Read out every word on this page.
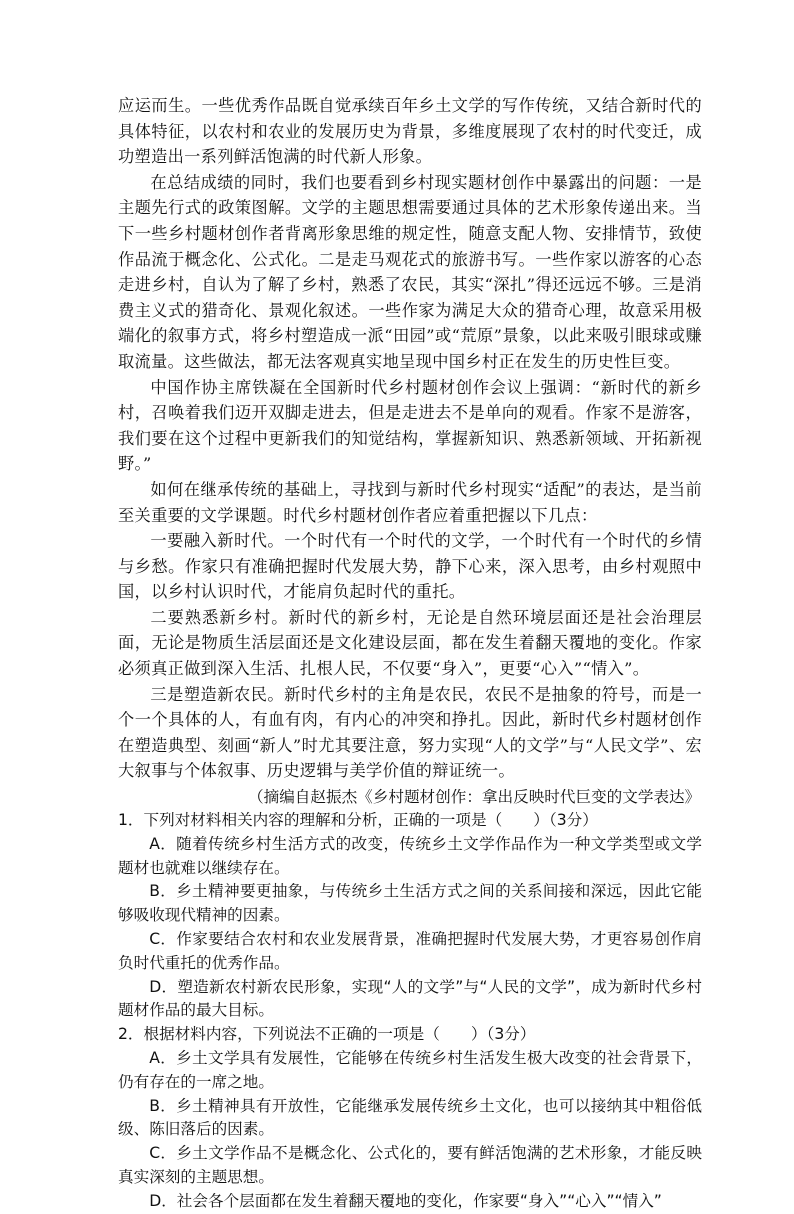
应运而生。一些优秀作品既自觉承续百年乡土文学的写作传统，又结合新时代的具体特征，以农村和农业的发展历史为背景，多维度展现了农村的时代变迁，成功塑造出一系列鲜活饱满的时代新人形象。

在总结成绩的同时，我们也要看到乡村现实题材创作中暴露出的问题：一是主题先行式的政策图解。文学的主题思想需要通过具体的艺术形象传递出来。当下一些乡村题材创作者背离形象思维的规定性，随意支配人物、安排情节，致使作品流于概念化、公式化。二是走马观花式的旅游书写。一些作家以游客的心态走进乡村，自认为了解了乡村，熟悉了农民，其实“深扎”得还远远不够。三是消费主义式的猎奇化、景观化叙述。一些作家为满足大众的猎奇心理，故意采用极端化的叙事方式，将乡村塑造成一派“田园”或“荒原”景象，以此来吸引眼球或赚取流量。这些做法，都无法客观真实地呈现中国乡村正在发生的历史性巨变。

中国作协主席铁凝在全国新时代乡村题材创作会议上强调：“新时代的新乡村，召唤着我们迈开双脚走进去，但是走进去不是单向的观看。作家不是游客，我们要在这个过程中更新我们的知觉结构，掌握新知识、熟悉新领域、开拓新视野。”

如何在继承传统的基础上，寻找到与新时代乡村现实“适配”的表达，是当前至关重要的文学课题。时代乡村题材创作者应着重把握以下几点：

一要融入新时代。一个时代有一个时代的文学，一个时代有一个时代的乡情与乡愁。作家只有准确把握时代发展大势，静下心来，深入思考，由乡村观照中国，以乡村认识时代，才能肩负起时代的重托。

二要熟悉新乡村。新时代的新乡村，无论是自然环境层面还是社会治理层面，无论是物质生活层面还是文化建设层面，都在发生着翻天覆地的变化。作家必须真正做到深入生活、扎根人民，不仅要“身入”，更要“心入”“情入”。

三是塑造新农民。新时代乡村的主角是农民，农民不是抽象的符号，而是一个一个具体的人，有血有肉，有内心的冲突和挣扎。因此，新时代乡村题材创作在塑造典型、刻画“新人”时尤其要注意，努力实现“人的文学”与“人民文学”、宏大叙事与个体叙事、历史逻辑与美学价值的辩证统一。

（摘编自赵振杰《乡村题材创作：拿出反映时代巨变的文学表达》

1．下列对材料相关内容的理解和分析，正确的一项是（　　）（3分）

A．随着传统乡村生活方式的改变，传统乡土文学作品作为一种文学类型或文学题材也就难以继续存在。

B．乡土精神要更抽象，与传统乡土生活方式之间的关系间接和深远，因此它能够吸收现代精神的因素。

C．作家要结合农村和农业发展背景，准确把握时代发展大势，才更容易创作肩负时代重托的优秀作品。

D．塑造新农村新农民形象，实现“人的文学”与“人民的文学”，成为新时代乡村题材作品的最大目标。

2．根据材料内容，下列说法不正确的一项是（　　）（3分）

A．乡土文学具有发展性，它能够在传统乡村生活发生极大改变的社会背景下，仍有存在的一席之地。

B．乡土精神具有开放性，它能继承发展传统乡土文化，也可以接纳其中粗俗低级、陈旧落后的因素。

C．乡土文学作品不是概念化、公式化的，要有鲜活饱满的艺术形象，才能反映真实深刻的主题思想。

D．社会各个层面都在发生着翻天覆地的变化，作家要“身入”“心入”“情入”
